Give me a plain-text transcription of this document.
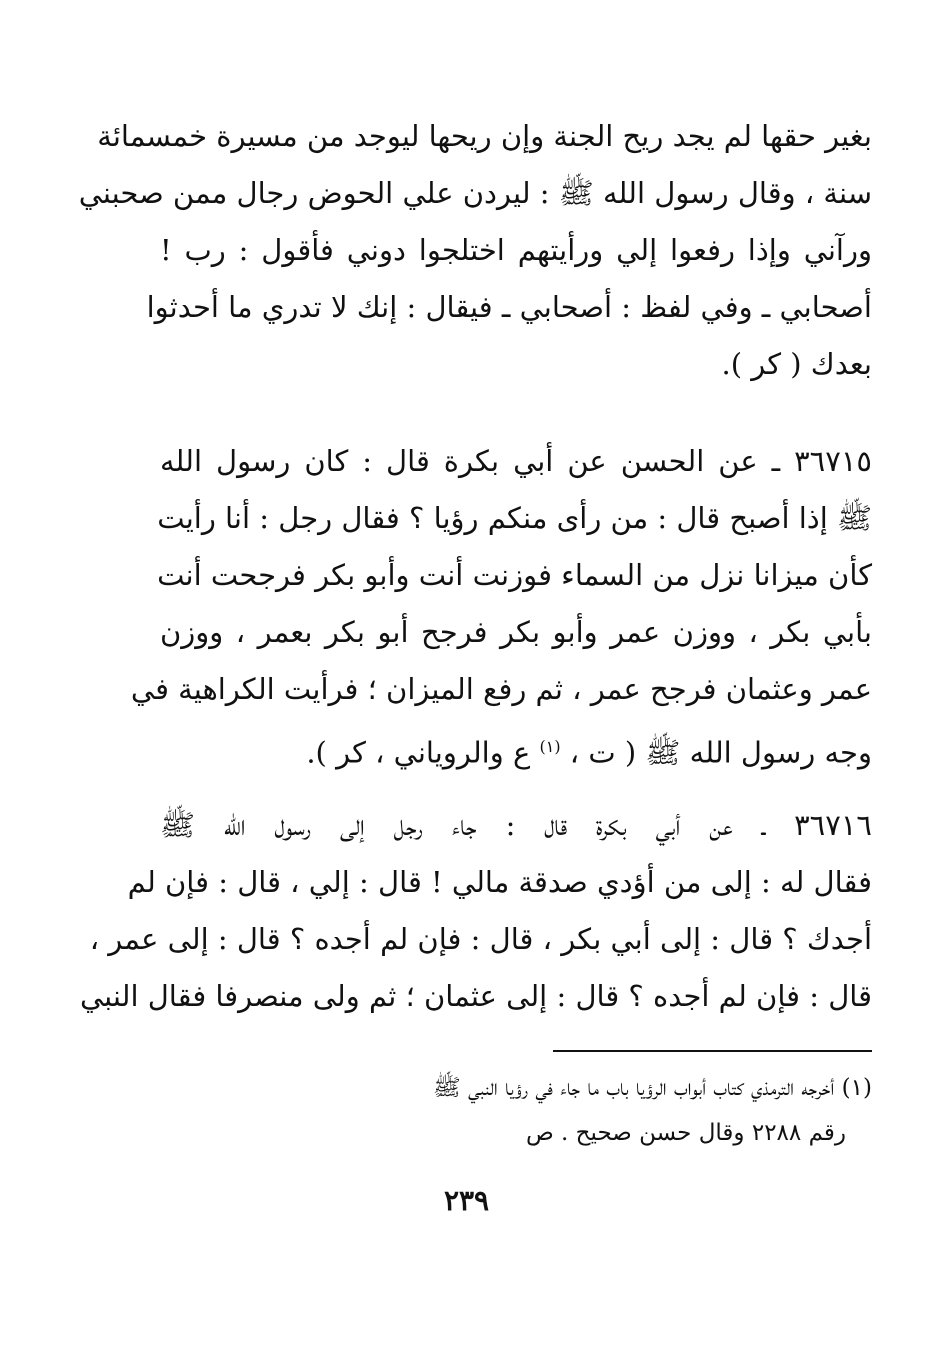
بغير حقها لم يجد ريح الجنة وإن ريحها ليوجد من مسيرة خمسمائة
سنة ، وقال رسول الله ﷺ : ليردن علي الحوض رجال ممن صحبني
ورآني وإذا رفعوا إلي ورأيتهم اختلجوا دوني فأقول : رب !
أصحابي ـ وفي لفظ : أصحابي ـ فيقال : إنك لا تدري ما أحدثوا
بعدك ( كر ).
٣٦٧١٥ ـ عن الحسن عن أبي بكرة قال : كان رسول الله
ﷺ إذا أصبح قال : من رأى منكم رؤيا ؟ فقال رجل : أنا رأيت
كأن ميزانا نزل من السماء فوزنت أنت وأبو بكر فرجحت أنت
بأبي بكر ، ووزن عمر وأبو بكر فرجح أبو بكر بعمر ، ووزن
عمر وعثمان فرجح عمر ، ثم رفع الميزان ؛ فرأيت الكراهية في
وجه رسول الله ﷺ ( ت ، $^{(١)}$ ع والروياني ، كر ).
٣٦٧١٦ ـ عن أبي بكرة قال : جاء رجل إلى رسول الله ﷺ
فقال له : إلى من أؤدي صدقة مالي ! قال : إلي ، قال : فإن لم
أجدك ؟ قال : إلى أبي بكر ، قال : فإن لم أجده ؟ قال : إلى عمر ،
قال : فإن لم أجده ؟ قال : إلى عثمان ؛ ثم ولى منصرفا فقال النبي
(١) أخرجه الترمذي كتاب أبواب الرؤيا باب ما جاء في رؤيا النبي ﷺ
رقم ٢٢٨٨ وقال حسن صحيح . ص
٢٣٩
